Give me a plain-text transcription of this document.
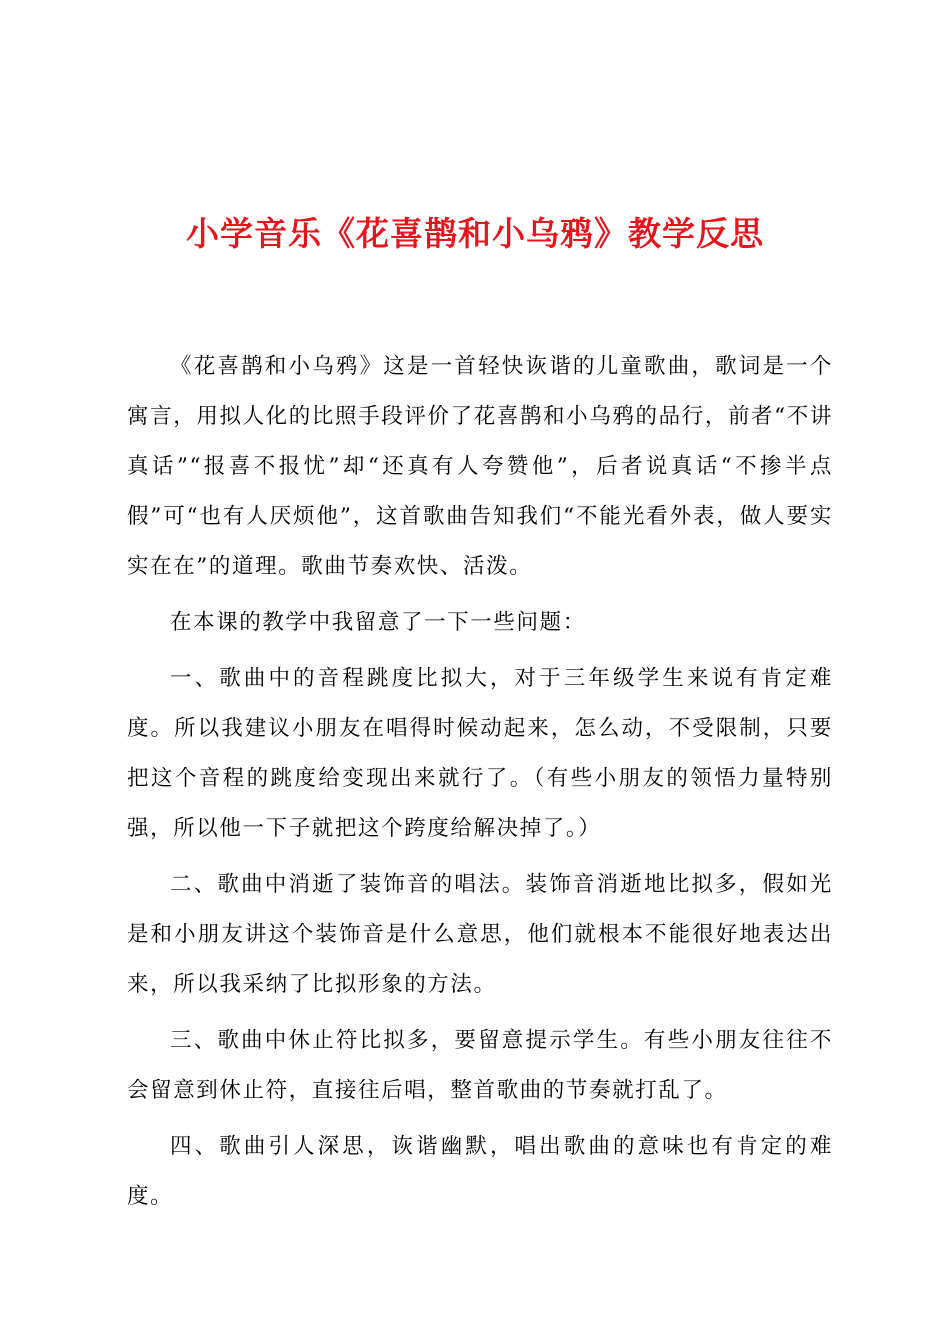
小学音乐《花喜鹊和小乌鸦》教学反思

《花喜鹊和小乌鸦》这是一首轻快诙谐的儿童歌曲，歌词是一个寓言，用拟人化的比照手段评价了花喜鹊和小乌鸦的品行，前者“不讲真话”“报喜不报忧”却“还真有人夸赞他”，后者说真话“不掺半点假”可“也有人厌烦他”，这首歌曲告知我们“不能光看外表，做人要实实在在”的道理。歌曲节奏欢快、活泼。

在本课的教学中我留意了一下一些问题：

一、歌曲中的音程跳度比拟大，对于三年级学生来说有肯定难度。所以我建议小朋友在唱得时候动起来，怎么动，不受限制，只要把这个音程的跳度给变现出来就行了。（有些小朋友的领悟力量特别强，所以他一下子就把这个跨度给解决掉了。）

二、歌曲中消逝了装饰音的唱法。装饰音消逝地比拟多，假如光是和小朋友讲这个装饰音是什么意思，他们就根本不能很好地表达出来，所以我采纳了比拟形象的方法。

三、歌曲中休止符比拟多，要留意提示学生。有些小朋友往往不会留意到休止符，直接往后唱，整首歌曲的节奏就打乱了。

四、歌曲引人深思，诙谐幽默，唱出歌曲的意味也有肯定的难度。
